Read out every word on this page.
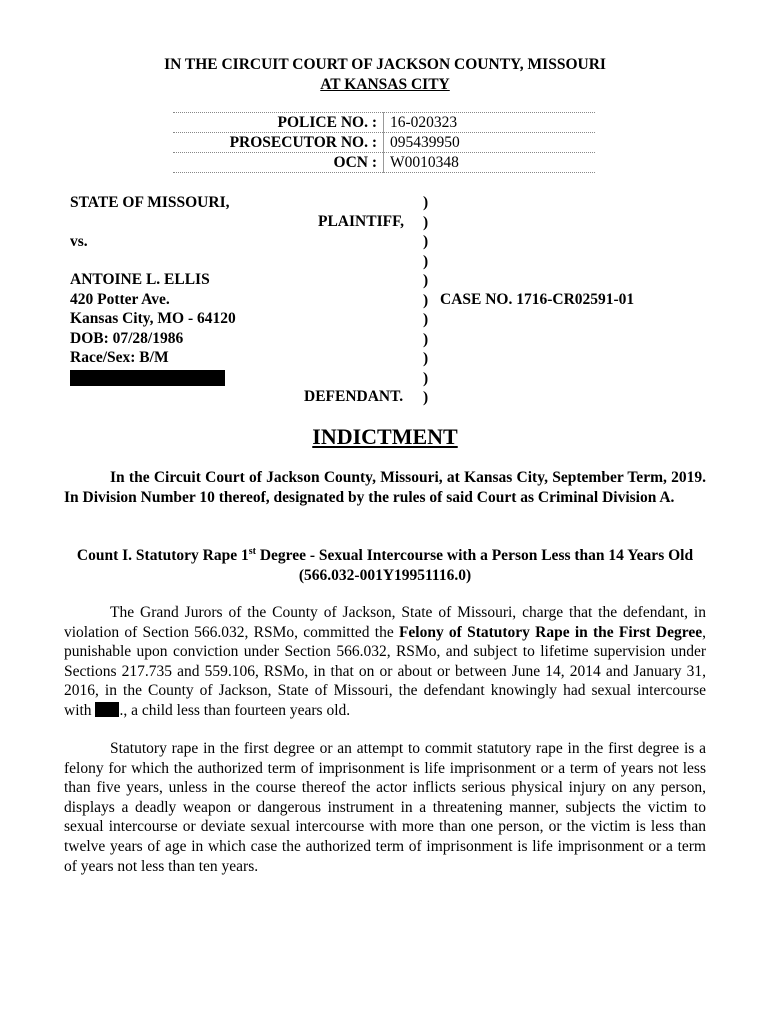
IN THE CIRCUIT COURT OF JACKSON COUNTY, MISSOURI
AT KANSAS CITY
POLICE NO. :	16-020323
PROSECUTOR NO. :	095439950
OCN :	W0010348
STATE OF MISSOURI,
PLAINTIFF,
vs.
ANTOINE L. ELLIS
420 Potter Ave.
Kansas City, MO - 64120
DOB: 07/28/1986
Race/Sex: B/M
DEFENDANT.
)
)
)
)
)
)
)
)
)
)
)
CASE NO. 1716-CR02591-01
INDICTMENT
In the Circuit Court of Jackson County, Missouri, at Kansas City, September Term, 2019. In Division Number 10 thereof, designated by the rules of said Court as Criminal Division A.
Count I. Statutory Rape 1st Degree - Sexual Intercourse with a Person Less than 14 Years Old (566.032-001Y19951116.0)
The Grand Jurors of the County of Jackson, State of Missouri, charge that the defendant, in violation of Section 566.032, RSMo, committed the Felony of Statutory Rape in the First Degree, punishable upon conviction under Section 566.032, RSMo, and subject to lifetime supervision under Sections 217.735 and 559.106, RSMo, in that on or about or between June 14, 2014 and January 31, 2016, in the County of Jackson, State of Missouri, the defendant knowingly had sexual intercourse with ., a child less than fourteen years old.
Statutory rape in the first degree or an attempt to commit statutory rape in the first degree is a felony for which the authorized term of imprisonment is life imprisonment or a term of years not less than five years, unless in the course thereof the actor inflicts serious physical injury on any person, displays a deadly weapon or dangerous instrument in a threatening manner, subjects the victim to sexual intercourse or deviate sexual intercourse with more than one person, or the victim is less than twelve years of age in which case the authorized term of imprisonment is life imprisonment or a term of years not less than ten years.
